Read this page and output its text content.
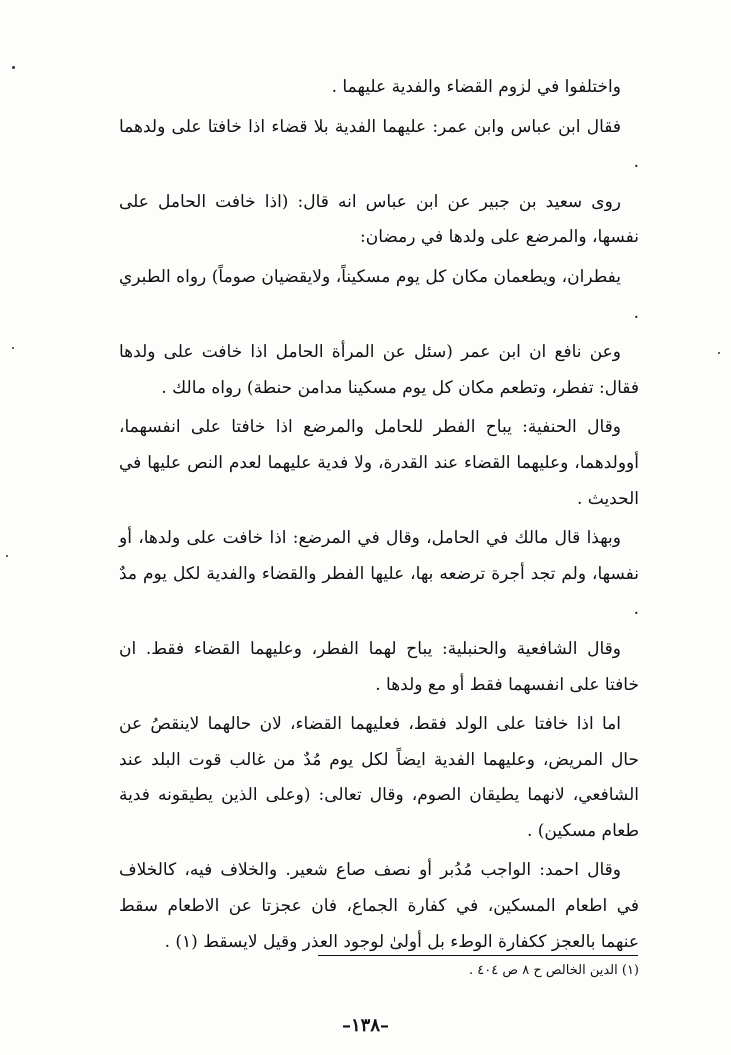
واختلفوا في لزوم القضاء والفدية عليهما .

فقال ابن عباس وابن عمر: عليهما الفدية بلا قضاء اذا خافتا على ولدهما .

روى سعيد بن جبير عن ابن عباس انه قال: (اذا خافت الحامل على نفسها، والمرضع على ولدها في رمضان:

يفطران، ويطعمان مكان كل يوم مسكيناً، ولايقضيان صوماً) رواه الطبري .

وعن نافع ان ابن عمر (سئل عن المرأة الحامل اذا خافت على ولدها فقال: تفطر، وتطعم مكان كل يوم مسكينا مدامن حنطة) رواه مالك .

وقال الحنفية: يباح الفطر للحامل والمرضع اذا خافتا على انفسهما، أوولدهما، وعليهما القضاء عند القدرة، ولا فدية عليهما لعدم النص عليها في الحديث .

وبهذا قال مالك في الحامل، وقال في المرضع: اذا خافت على ولدها، أو نفسها، ولم تجد أجرة ترضعه بها، عليها الفطر والقضاء والفدية لكل يوم مدٌ .

وقال الشافعية والحنبلية: يباح لهما الفطر، وعليهما القضاء فقط. ان خافتا على انفسهما فقط أو مع ولدها .

اما اذا خافتا على الولد فقط، فعليهما القضاء، لان حالهما لاينقصُ عن حال المريض، وعليهما الفدية ايضاً لكل يوم مُدٌ من غالب قوت البلد عند الشافعي، لانهما يطيقان الصوم، وقال تعالى: (وعلى الذين يطيقونه فدية طعام مسكين) .

وقال احمد: الواجب مُدُبر أو نصف صاع شعير. والخلاف فيه، كالخلاف في اطعام المسكين، في كفارة الجماع، فان عجزتا عن الاطعام سقط عنهما بالعجز ككفارة الوطء بل أولىٰ لوجود العذر وقيل لايسقط (١) .

(١) الدين الخالص ح ٨ ص ٤٠٤ .
–١٣٨–
